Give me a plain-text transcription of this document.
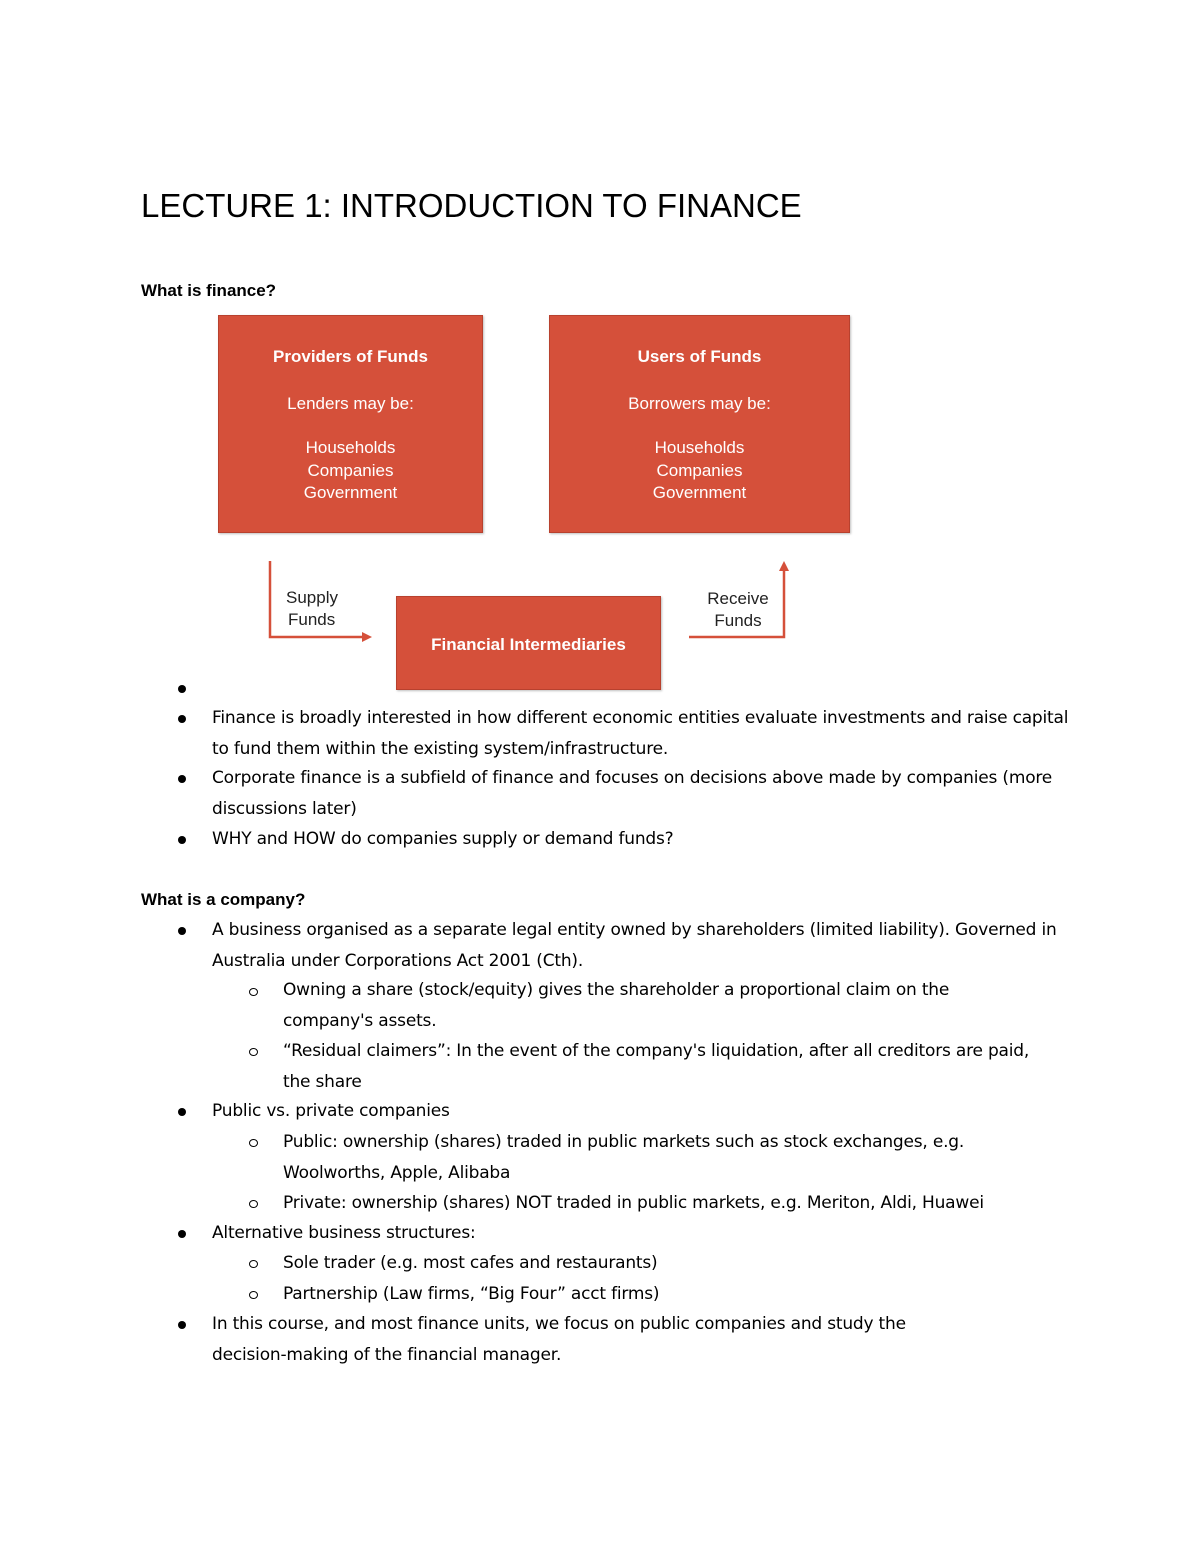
LECTURE 1: INTRODUCTION TO FINANCE
What is finance?
Providers of Funds
Lenders may be:
Households
Companies
Government
Users of Funds
Borrowers may be:
Households
Companies
Government
Financial Intermediaries
Supply
Funds
Receive
Funds
Finance is broadly interested in how different economic entities evaluate investments and raise capital to fund them within the existing system/infrastructure.
Corporate finance is a subfield of finance and focuses on decisions above made by companies (more discussions later)
WHY and HOW do companies supply or demand funds?
What is a company?
A business organised as a separate legal entity owned by shareholders (limited liability). Governed in Australia under Corporations Act 2001 (Cth).
Owning a share (stock/equity) gives the shareholder a proportional claim on the company's assets.
“Residual claimers”: In the event of the company's liquidation, after all creditors are paid, the share
Public vs. private companies
Public: ownership (shares) traded in public markets such as stock exchanges, e.g. Woolworths, Apple, Alibaba
Private: ownership (shares) NOT traded in public markets, e.g. Meriton, Aldi, Huawei
Alternative business structures:
Sole trader (e.g. most cafes and restaurants)
Partnership (Law firms, “Big Four” acct firms)
In this course, and most finance units, we focus on public companies and study the decision-making of the financial manager.
